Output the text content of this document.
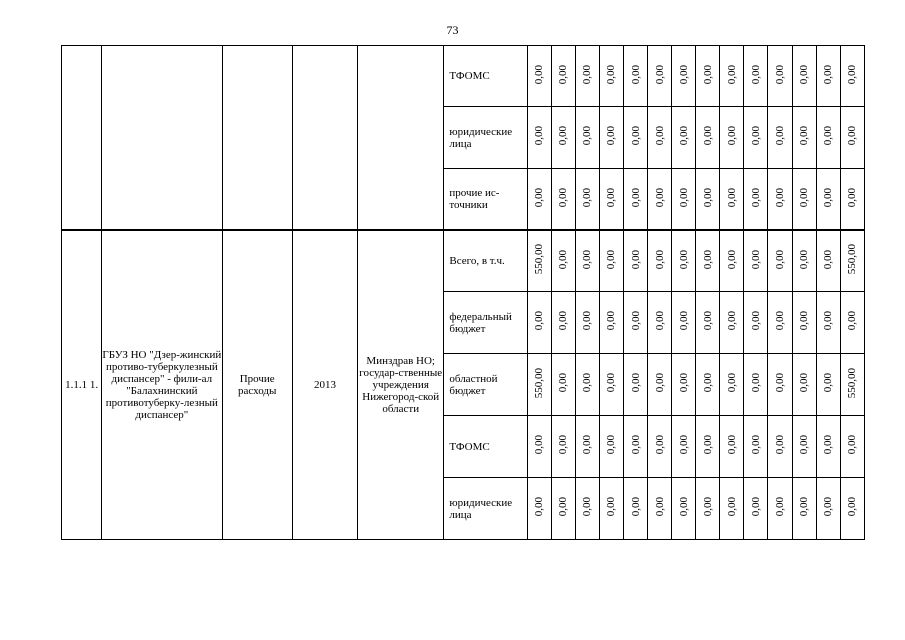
73
					ТФОМС	0,00	0,00	0,00	0,00	0,00	0,00	0,00	0,00	0,00	0,00	0,00	0,00	0,00	0,00
					юридические лица	0,00	0,00	0,00	0,00	0,00	0,00	0,00	0,00	0,00	0,00	0,00	0,00	0,00	0,00
					прочие ис-точники	0,00	0,00	0,00	0,00	0,00	0,00	0,00	0,00	0,00	0,00	0,00	0,00	0,00	0,00
1.1.1 1.	ГБУЗ НО "Дзер-жинский противо-туберкулезный диспансер" - фили-ал "Балахнинский противотуберку-лезный диспансер"	Прочие расходы	2013	Минздрав НО; государ-ственные учреждения Нижегород-ской области	Всего, в т.ч.	550,00	0,00	0,00	0,00	0,00	0,00	0,00	0,00	0,00	0,00	0,00	0,00	0,00	550,00
					федеральный бюджет	0,00	0,00	0,00	0,00	0,00	0,00	0,00	0,00	0,00	0,00	0,00	0,00	0,00	0,00
					областной бюджет	550,00	0,00	0,00	0,00	0,00	0,00	0,00	0,00	0,00	0,00	0,00	0,00	0,00	550,00
					ТФОМС	0,00	0,00	0,00	0,00	0,00	0,00	0,00	0,00	0,00	0,00	0,00	0,00	0,00	0,00
					юридические лица	0,00	0,00	0,00	0,00	0,00	0,00	0,00	0,00	0,00	0,00	0,00	0,00	0,00	0,00
